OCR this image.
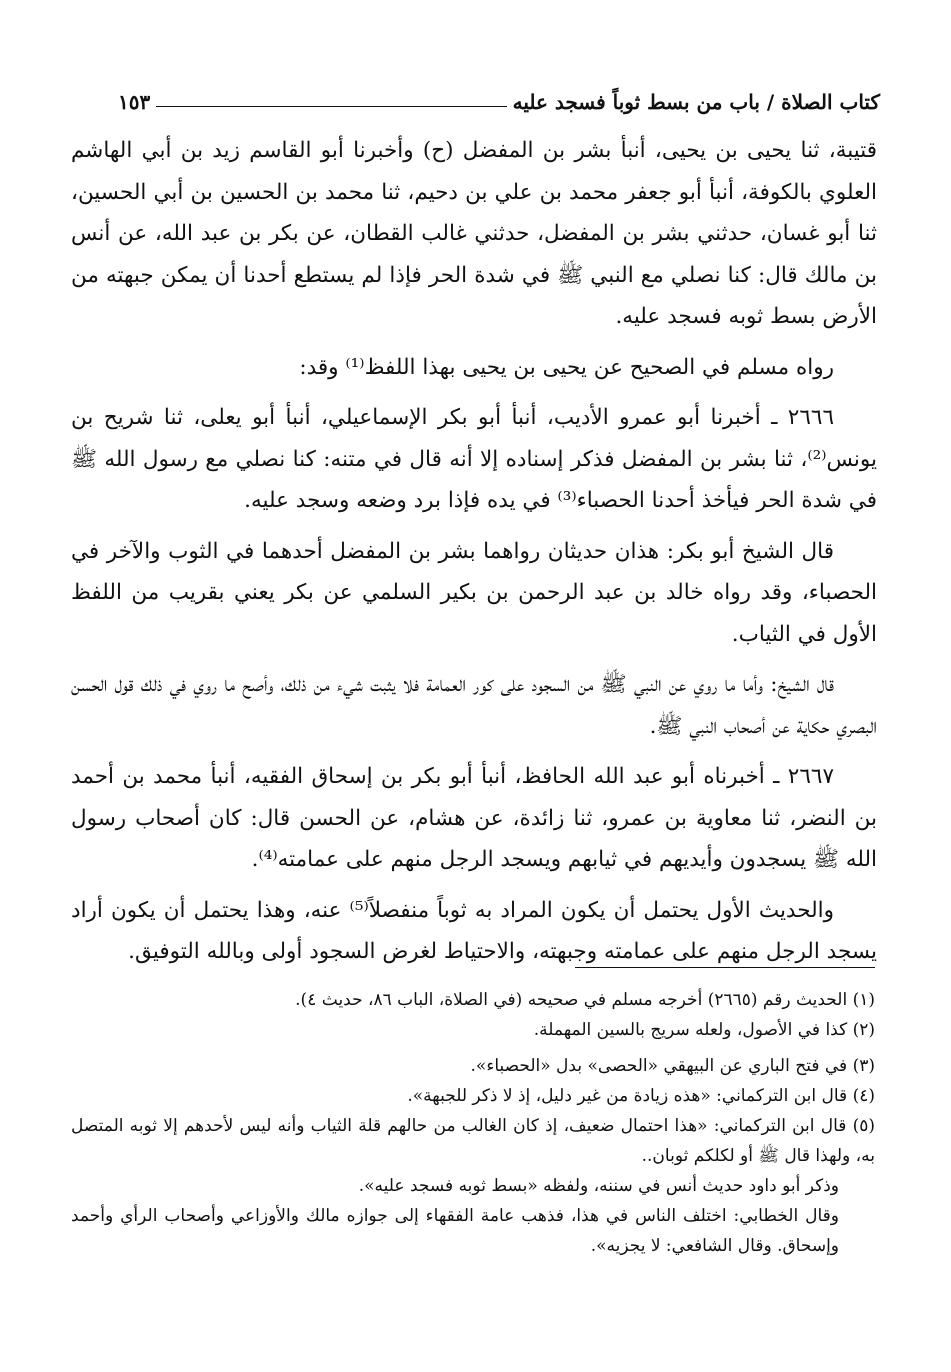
كتاب الصلاة / باب من بسط ثوباً فسجد عليه
١٥٣

قتيبة، ثنا يحيى بن يحيى، أنبأ بشر بن المفضل (ح) وأخبرنا أبو القاسم زيد بن أبي الهاشم العلوي بالكوفة، أنبأ أبو جعفر محمد بن علي بن دحيم، ثنا محمد بن الحسين بن أبي الحسين، ثنا أبو غسان، حدثني بشر بن المفضل، حدثني غالب القطان، عن بكر بن عبد الله، عن أنس بن مالك قال: كنا نصلي مع النبي ﷺ في شدة الحر فإذا لم يستطع أحدنا أن يمكن جبهته من الأرض بسط ثوبه فسجد عليه.

رواه مسلم في الصحيح عن يحيى بن يحيى بهذا اللفظ⁽¹⁾ وقد:

٢٦٦٦ ـ أخبرنا أبو عمرو الأديب، أنبأ أبو بكر الإسماعيلي، أنبأ أبو يعلى، ثنا شريح بن يونس⁽²⁾، ثنا بشر بن المفضل فذكر إسناده إلا أنه قال في متنه: كنا نصلي مع رسول الله ﷺ في شدة الحر فيأخذ أحدنا الحصباء⁽³⁾ في يده فإذا برد وضعه وسجد عليه.

قال الشيخ أبو بكر: هذان حديثان رواهما بشر بن المفضل أحدهما في الثوب والآخر في الحصباء، وقد رواه خالد بن عبد الرحمن بن بكير السلمي عن بكر يعني بقريب من اللفظ الأول في الثياب.

قال الشيخ: وأما ما روي عن النبي ﷺ من السجود على كور العمامة فلا يثبت شيء من ذلك، وأصح ما روي في ذلك قول الحسن البصري حكاية عن أصحاب النبي ﷺ.

٢٦٦٧ ـ أخبرناه أبو عبد الله الحافظ، أنبأ أبو بكر بن إسحاق الفقيه، أنبأ محمد بن أحمد بن النضر، ثنا معاوية بن عمرو، ثنا زائدة، عن هشام، عن الحسن قال: كان أصحاب رسول الله ﷺ يسجدون وأيديهم في ثيابهم ويسجد الرجل منهم على عمامته⁽⁴⁾.

والحديث الأول يحتمل أن يكون المراد به ثوباً منفصلاً⁽⁵⁾ عنه، وهذا يحتمل أن يكون أراد يسجد الرجل منهم على عمامته وجبهته، والاحتياط لغرض السجود أولى وبالله التوفيق.

(١) الحديث رقم (٢٦٦٥) أخرجه مسلم في صحيحه (في الصلاة، الباب ٨٦، حديث ٤).

(٢) كذا في الأصول، ولعله سريج بالسين المهملة.

(٣) في فتح الباري عن البيهقي «الحصى» بدل «الحصباء».

(٤) قال ابن التركماني: «هذه زيادة من غير دليل، إذ لا ذكر للجبهة».

(٥) قال ابن التركماني: «هذا احتمال ضعيف، إذ كان الغالب من حالهم قلة الثياب وأنه ليس لأحدهم إلا ثوبه المتصل به، ولهذا قال ﷺ أو لكلكم ثوبان..

وذكر أبو داود حديث أنس في سننه، ولفظه «بسط ثوبه فسجد عليه».

وقال الخطابي: اختلف الناس في هذا، فذهب عامة الفقهاء إلى جوازه مالك والأوزاعي وأصحاب الرأي وأحمد وإسحاق. وقال الشافعي: لا يجزيه».
